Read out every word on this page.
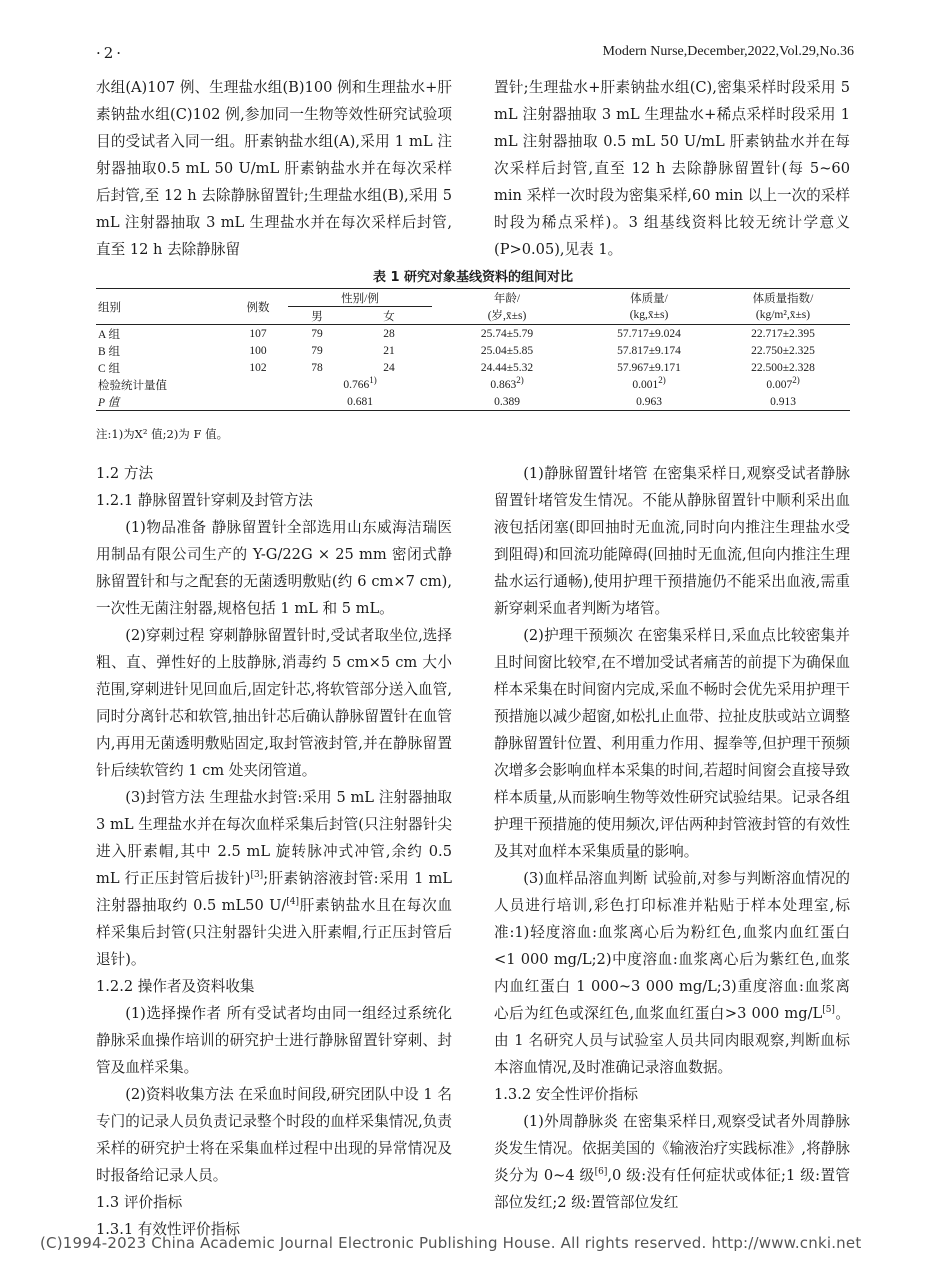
·2·	Modern Nurse,December,2022,Vol.29,No.36

水组(A)107 例、生理盐水组(B)100 例和生理盐水+肝素钠盐水组(C)102 例,参加同一生物等效性研究试验项目的受试者入同一组。肝素钠盐水组(A),采用 1 mL 注射器抽取0.5 mL 50 U/mL 肝素钠盐水并在每次采样后封管,至 12 h 去除静脉留置针;生理盐水组(B),采用 5 mL 注射器抽取 3 mL 生理盐水并在每次采样后封管,直至 12 h 去除静脉留

置针;生理盐水+肝素钠盐水组(C),密集采样时段采用 5 mL 注射器抽取 3 mL 生理盐水+稀点采样时段采用 1 mL 注射器抽取 0.5 mL 50 U/mL 肝素钠盐水并在每次采样后封管,直至 12 h 去除静脉留置针(每 5~60 min 采样一次时段为密集采样,60 min 以上一次的采样时段为稀点采样)。3 组基线资料比较无统计学意义(P>0.05),见表 1。

表 1 研究对象基线资料的组间对比
组别	例数	性别/例		年龄/	体质量/	体质量指数/
		男	女	(岁,x̄±s)	(kg,x̄±s)	(kg/m²,x̄±s)
A 组	107	79	28	25.74±5.79	57.717±9.024	22.717±2.395
B 组	100	79	21	25.04±5.85	57.817±9.174	22.750±2.325
C 组	102	78	24	24.44±5.32	57.967±9.171	22.500±2.328
检验统计量值		0.766$^{1)}$		0.863$^{2)}$	0.001$^{2)}$	0.007$^{2)}$
P 值		0.681		0.389	0.963	0.913
注:1)为X² 值;2)为 F 值。

1.2 方法

1.2.1 静脉留置针穿刺及封管方法

(1)物品准备 静脉留置针全部选用山东威海洁瑞医用制品有限公司生产的 Y-G/22G × 25 mm 密闭式静脉留置针和与之配套的无菌透明敷贴(约 6 cm×7 cm),一次性无菌注射器,规格包括 1 mL 和 5 mL。

(2)穿刺过程 穿刺静脉留置针时,受试者取坐位,选择粗、直、弹性好的上肢静脉,消毒约 5 cm×5 cm 大小范围,穿刺进针见回血后,固定针芯,将软管部分送入血管,同时分离针芯和软管,抽出针芯后确认静脉留置针在血管内,再用无菌透明敷贴固定,取封管液封管,并在静脉留置针后续软管约 1 cm 处夹闭管道。

(3)封管方法 生理盐水封管:采用 5 mL 注射器抽取 3 mL 生理盐水并在每次血样采集后封管(只注射器针尖进入肝素帽,其中 2.5 mL 旋转脉冲式冲管,余约 0.5 mL 行正压封管后拔针)[3];肝素钠溶液封管:采用 1 mL 注射器抽取约 0.5 mL50 U/[4]肝素钠盐水且在每次血样采集后封管(只注射器针尖进入肝素帽,行正压封管后退针)。

1.2.2 操作者及资料收集

(1)选择操作者 所有受试者均由同一组经过系统化静脉采血操作培训的研究护士进行静脉留置针穿刺、封管及血样采集。

(2)资料收集方法 在采血时间段,研究团队中设 1 名专门的记录人员负责记录整个时段的血样采集情况,负责采样的研究护士将在采集血样过程中出现的异常情况及时报备给记录人员。

1.3 评价指标

1.3.1 有效性评价指标

(1)静脉留置针堵管 在密集采样日,观察受试者静脉留置针堵管发生情况。不能从静脉留置针中顺利采出血液包括闭塞(即回抽时无血流,同时向内推注生理盐水受到阻碍)和回流功能障碍(回抽时无血流,但向内推注生理盐水运行通畅),使用护理干预措施仍不能采出血液,需重新穿刺采血者判断为堵管。

(2)护理干预频次 在密集采样日,采血点比较密集并且时间窗比较窄,在不增加受试者痛苦的前提下为确保血样本采集在时间窗内完成,采血不畅时会优先采用护理干预措施以减少超窗,如松扎止血带、拉扯皮肤或站立调整静脉留置针位置、利用重力作用、握拳等,但护理干预频次增多会影响血样本采集的时间,若超时间窗会直接导致样本质量,从而影响生物等效性研究试验结果。记录各组护理干预措施的使用频次,评估两种封管液封管的有效性及其对血样本采集质量的影响。

(3)血样品溶血判断 试验前,对参与判断溶血情况的人员进行培训,彩色打印标准并粘贴于样本处理室,标准:1)轻度溶血:血浆离心后为粉红色,血浆内血红蛋白<1 000 mg/L;2)中度溶血:血浆离心后为紫红色,血浆内血红蛋白 1 000~3 000 mg/L;3)重度溶血:血浆离心后为红色或深红色,血浆血红蛋白>3 000 mg/L[5]。由 1 名研究人员与试验室人员共同肉眼观察,判断血标本溶血情况,及时准确记录溶血数据。

1.3.2 安全性评价指标

(1)外周静脉炎 在密集采样日,观察受试者外周静脉炎发生情况。依据美国的《输液治疗实践标准》,将静脉炎分为 0~4 级[6],0 级:没有任何症状或体征;1 级:置管部位发红;2 级:置管部位发红

(C)1994-2023 China Academic Journal Electronic Publishing House. All rights reserved. http://www.cnki.net
